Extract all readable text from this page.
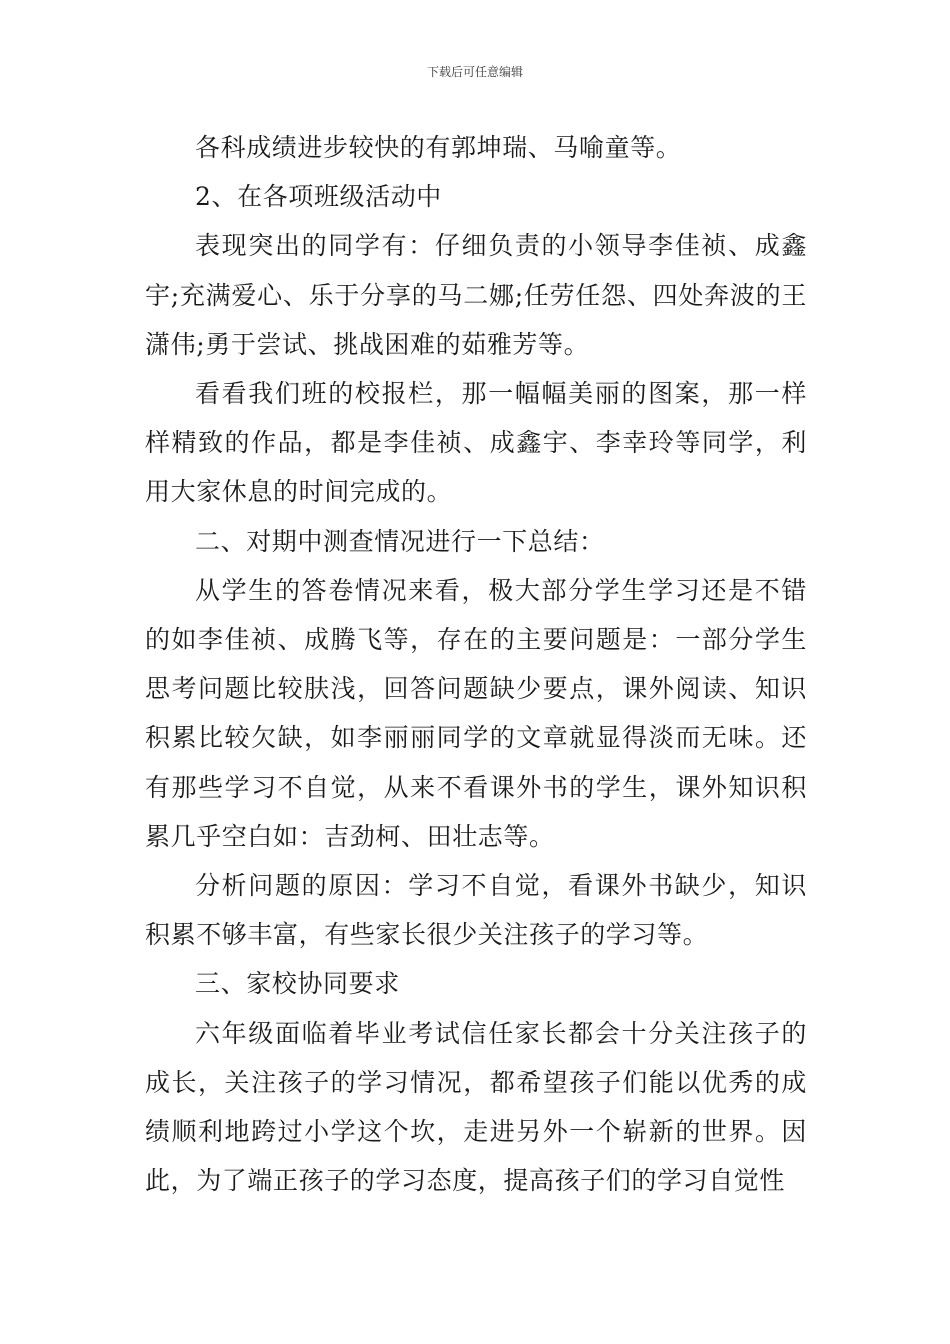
下载后可任意编辑

各科成绩进步较快的有郭坤瑞、马喻童等。

2、在各项班级活动中

表现突出的同学有：仔细负责的小领导李佳祯、成鑫宇;充满爱心、乐于分享的马二娜;任劳任怨、四处奔波的王潇伟;勇于尝试、挑战困难的茹雅芳等。

看看我们班的校报栏，那一幅幅美丽的图案，那一样样精致的作品，都是李佳祯、成鑫宇、李幸玲等同学，利用大家休息的时间完成的。

二、对期中测查情况进行一下总结：

从学生的答卷情况来看，极大部分学生学习还是不错的如李佳祯、成腾飞等，存在的主要问题是：一部分学生思考问题比较肤浅，回答问题缺少要点，课外阅读、知识积累比较欠缺，如李丽丽同学的文章就显得淡而无味。还有那些学习不自觉，从来不看课外书的学生，课外知识积累几乎空白如：吉劲柯、田壮志等。

分析问题的原因：学习不自觉，看课外书缺少，知识积累不够丰富，有些家长很少关注孩子的学习等。

三、家校协同要求

六年级面临着毕业考试信任家长都会十分关注孩子的成长，关注孩子的学习情况，都希望孩子们能以优秀的成绩顺利地跨过小学这个坎，走进另外一个崭新的世界。因此，为了端正孩子的学习态度，提高孩子们的学习自觉性
